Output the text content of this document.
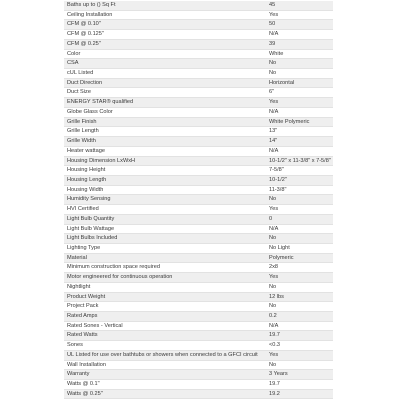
Baths up to () Sq Ft	45
Ceiling Installation	Yes
CFM @ 0.10"	50
CFM @ 0.125"	N/A
CFM @ 0.25"	39
Color	White
CSA	No
cUL Listed	No
Duct Direction	Horizontal
Duct Size	6"
ENERGY STAR® qualified	Yes
Globe Glass Color	N/A
Grille Finish	White Polymeric
Grille Length	13"
Grille Width	14"
Heater wattage	N/A
Housing Dimension LxWxH	10-1/2" x 11-3/8" x 7-5/8"
Housing Height	7-5/8"
Housing Length	10-1/2"
Housing Width	11-3/8"
Humidity Sensing	No
HVI Certified	Yes
Light Bulb Quantity	0
Light Bulb Wattage	N/A
Light Bulbs Included	No
Lighting Type	No Light
Material	Polymeric
Minimum construction space required	2x8
Motor engineered for continuous operation	Yes
Nightlight	No
Product Weight	12 lbs
Project Pack	No
Rated Amps	0.2
Rated Sones - Vertical	N/A
Rated Watts	19.7
Sones	<0.3
UL Listed for use over bathtubs or showers when connected to a GFCI circuit	Yes
Wall Installation	No
Warranty	3 Years
Watts @ 0.1"	19.7
Watts @ 0.25"	19.2
